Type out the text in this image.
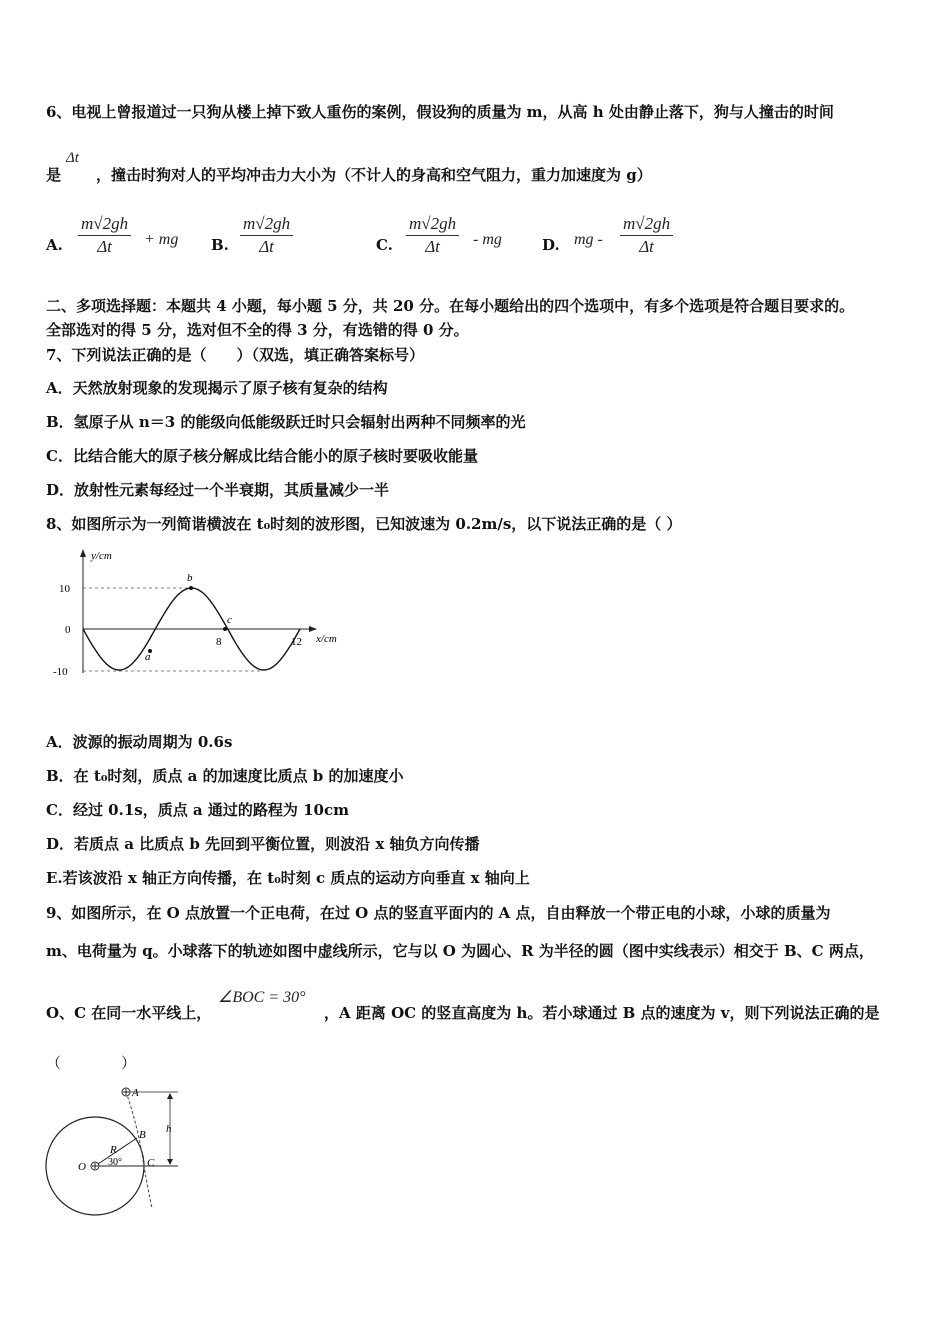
6、电视上曾报道过一只狗从楼上掉下致人重伤的案例，假设狗的质量为 m，从高 h 处由静止落下，狗与人撞击的时间
是
Δt
，撞击时狗对人的平均冲击力大小为（不计人的身高和空气阻力，重力加速度为 g）
A. $\frac{m√2gh}{\Delta t}$ + mg B. $\frac{m√2gh}{\Delta t}$	C. $\frac{m√2gh}{\Delta t}$ - mg	D. mg - $\frac{m√2gh}{\Delta t}$
二、多项选择题：本题共 4 小题，每小题 5 分，共 20 分。在每小题给出的四个选项中，有多个选项是符合题目要求的。
全部选对的得 5 分，选对但不全的得 3 分，有选错的得 0 分。
7、下列说法正确的是（　　）（双选，填正确答案标号）
A．天然放射现象的发现揭示了原子核有复杂的结构
B．氢原子从 n＝3 的能级向低能级跃迁时只会辐射出两种不同频率的光
C．比结合能大的原子核分解成比结合能小的原子核时要吸收能量
D．放射性元素每经过一个半衰期，其质量减少一半
8、如图所示为一列简谐横波在 t₀时刻的波形图，已知波速为 0.2m/s，以下说法正确的是（ ）
y/cm
x/cm
10
0
-10
8	12
a
b
c
A．波源的振动周期为 0.6s
B．在 t₀时刻，质点 a 的加速度比质点 b 的加速度小
C．经过 0.1s，质点 a 通过的路程为 10cm
D．若质点 a 比质点 b 先回到平衡位置，则波沿 x 轴负方向传播
E.若该波沿 x 轴正方向传播，在 t₀时刻 c 质点的运动方向垂直 x 轴向上
9、如图所示，在 O 点放置一个正电荷，在过 O 点的竖直平面内的 A 点，自由释放一个带正电的小球，小球的质量为
m、电荷量为 q。小球落下的轨迹如图中虚线所示，它与以 O 为圆心、R 为半径的圆（图中实线表示）相交于 B、C 两点，
O、C 在同一水平线上，
∠BOC = 30°
，A 距离 OC 的竖直高度为 h。若小球通过 B 点的速度为 v，则下列说法正确的是
（　　　　）
A
B
C
O
R
h
30°
